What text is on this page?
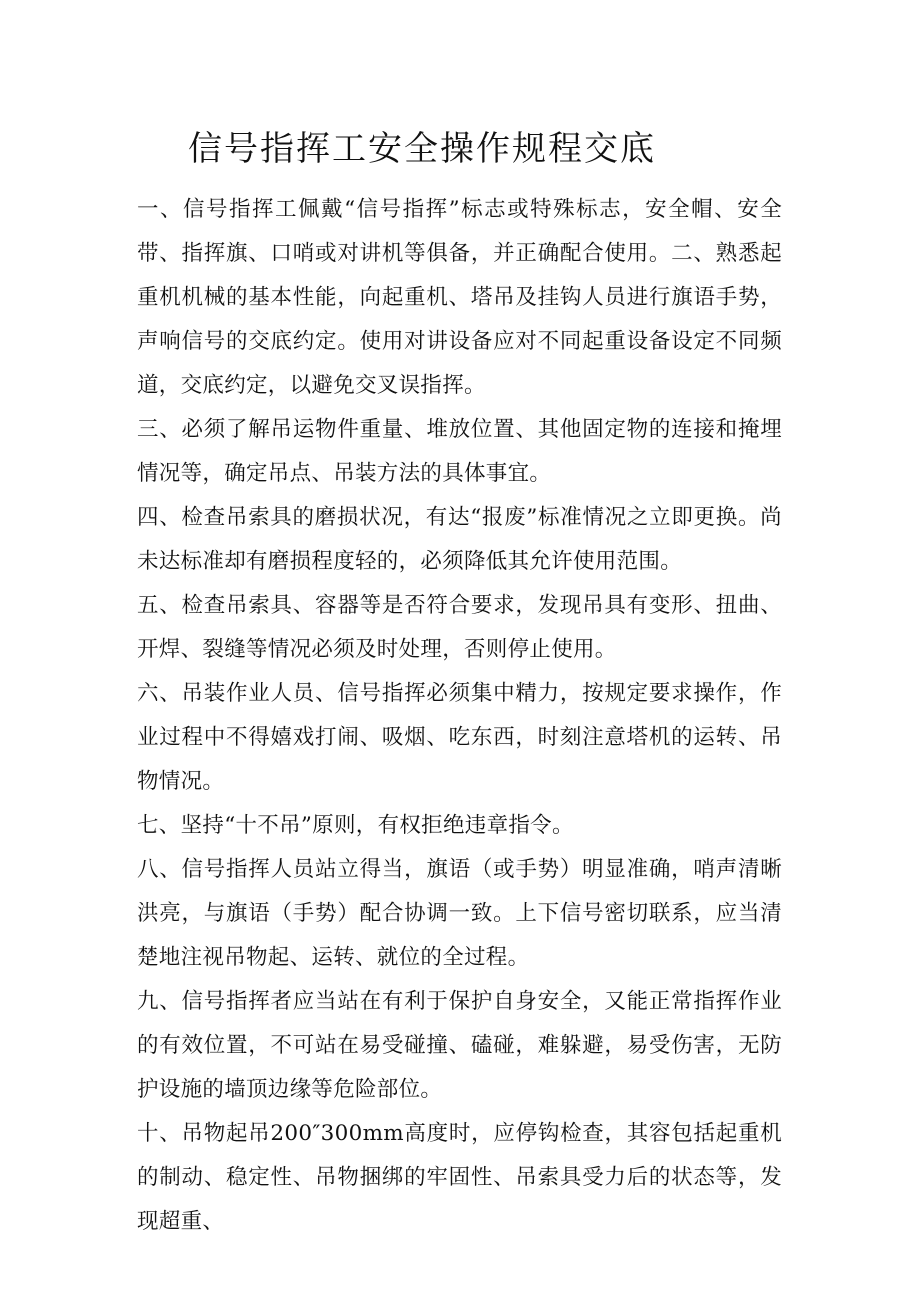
信号指挥工安全操作规程交底

一、信号指挥工佩戴“信号指挥”标志或特殊标志，安全帽、安全带、指挥旗、口哨或对讲机等俱备，并正确配合使用。二、熟悉起重机机械的基本性能，向起重机、塔吊及挂钩人员进行旗语手势，声响信号的交底约定。使用对讲设备应对不同起重设备设定不同频道，交底约定，以避免交叉误指挥。

三、必须了解吊运物件重量、堆放位置、其他固定物的连接和掩埋情况等，确定吊点、吊装方法的具体事宜。

四、检查吊索具的磨损状况，有达“报废”标准情况之立即更换。尚未达标准却有磨损程度轻的，必须降低其允许使用范围。

五、检查吊索具、容器等是否符合要求，发现吊具有变形、扭曲、开焊、裂缝等情况必须及时处理，否则停止使用。

六、吊装作业人员、信号指挥必须集中精力，按规定要求操作，作业过程中不得嬉戏打闹、吸烟、吃东西，时刻注意塔机的运转、吊物情况。

七、坚持“十不吊”原则，有权拒绝违章指令。

八、信号指挥人员站立得当，旗语（或手势）明显准确，哨声清晰洪亮，与旗语（手势）配合协调一致。上下信号密切联系，应当清楚地注视吊物起、运转、就位的全过程。

九、信号指挥者应当站在有利于保护自身安全，又能正常指挥作业的有效位置，不可站在易受碰撞、磕碰，难躲避，易受伤害，无防护设施的墙顶边缘等危险部位。

十、吊物起吊200″300mm高度时，应停钩检查，其容包括起重机的制动、稳定性、吊物捆绑的牢固性、吊索具受力后的状态等，发现超重、
